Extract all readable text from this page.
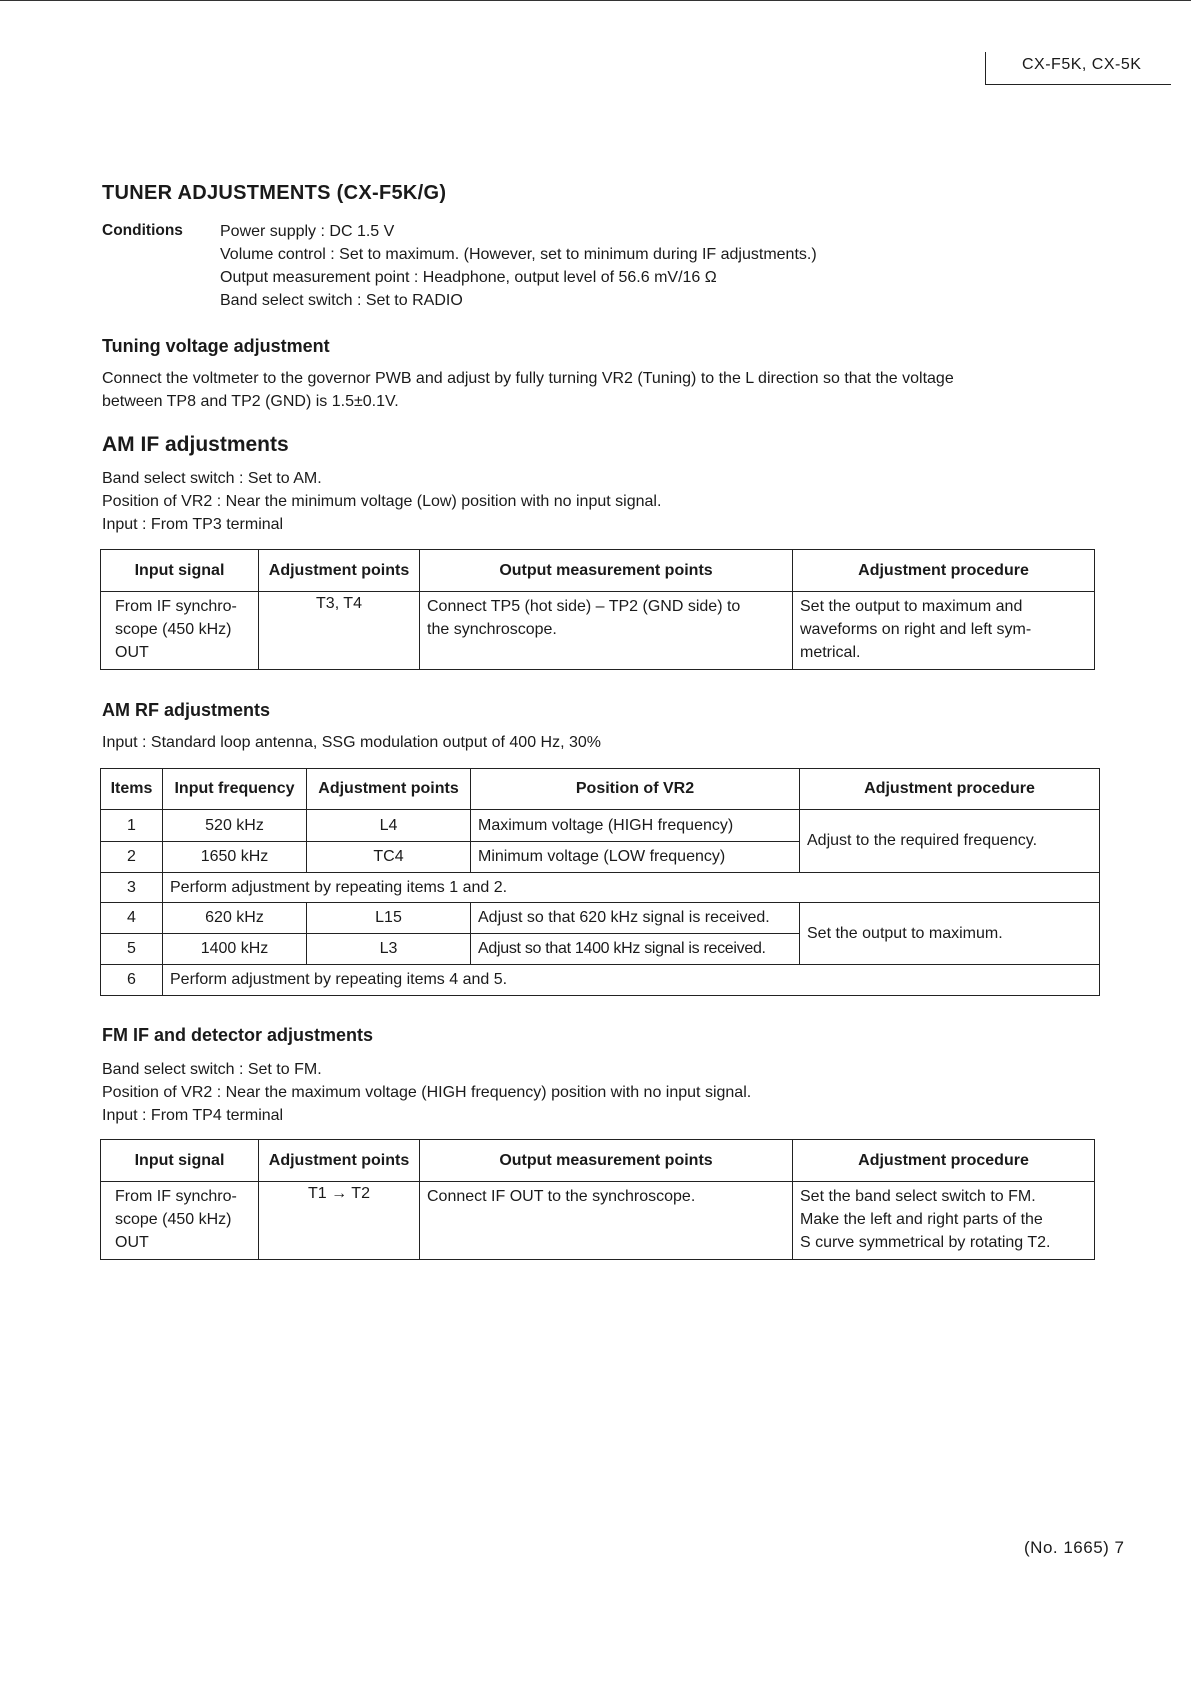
CX-F5K, CX-5K
TUNER ADJUSTMENTS (CX-F5K/G)
Conditions Power supply : DC 1.5 V
Volume control : Set to maximum. (However, set to minimum during IF adjustments.)
Output measurement point : Headphone, output level of 56.6 mV/16 Ω
Band select switch : Set to RADIO
Tuning voltage adjustment
Connect the voltmeter to the governor PWB and adjust by fully turning VR2 (Tuning) to the L direction so that the voltage
between TP8 and TP2 (GND) is 1.5±0.1V.
AM IF adjustments
Band select switch : Set to AM.
Position of VR2 : Near the minimum voltage (Low) position with no input signal.
Input : From TP3 terminal
Input signal	Adjustment points	Output measurement points	Adjustment procedure
From IF synchro-
scope (450 kHz)
OUT	T3, T4	Connect TP5 (hot side) – TP2 (GND side) to
the synchroscope.	Set the output to maximum and
waveforms on right and left sym-
metrical.
AM RF adjustments
Input : Standard loop antenna, SSG modulation output of 400 Hz, 30%
Items	Input frequency	Adjustment points	Position of VR2	Adjustment procedure
1	520 kHz	L4	Maximum voltage (HIGH frequency)	Adjust to the required frequency.
2	1650 kHz	TC4	Minimum voltage (LOW frequency)	
3	Perform adjustment by repeating items 1 and 2.			
4	620 kHz	L15	Adjust so that 620 kHz signal is received.	Set the output to maximum.
5	1400 kHz	L3	Adjust so that 1400 kHz signal is received.	
6	Perform adjustment by repeating items 4 and 5.			
FM IF and detector adjustments
Band select switch : Set to FM.
Position of VR2 : Near the maximum voltage (HIGH frequency) position with no input signal.
Input : From TP4 terminal
Input signal	Adjustment points	Output measurement points	Adjustment procedure
From IF synchro-
scope (450 kHz)
OUT	T1 → T2	Connect IF OUT to the synchroscope.	Set the band select switch to FM.
Make the left and right parts of the
S curve symmetrical by rotating T2.
(No. 1665) 7
